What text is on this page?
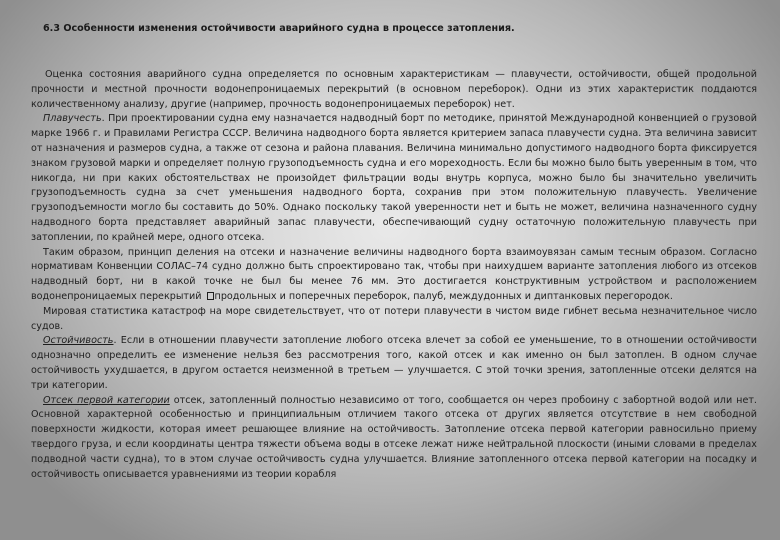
6.3 Особенности изменения остойчивости аварийного судна в процессе затопления.

Оценка состояния аварийного судна определяется по основным характеристикам — плавучести, остойчивости, общей продольной прочности и местной прочности водонепроницаемых перекрытий (в основном переборок). Одни из этих характеристик поддаются количественному анализу, другие (например, прочность водонепроницаемых переборок) нет.

Плавучесть. При проектировании судна ему назначается надводный борт по методике, принятой Международной конвенцией о грузовой марке 1966 г. и Правилами Регистра СССР. Величина надводного борта является критерием запаса плавучести судна. Эта величина зависит от назначения и размеров судна, а также от сезона и района плавания. Величина минимально допустимого надводного борта фиксируется знаком грузовой марки и определяет полную грузоподъемность судна и его мореходность. Если бы можно было быть уверенным в том, что никогда, ни при каких обстоятельствах не произойдет фильтрации воды внутрь корпуса, можно было бы значительно увеличить грузоподъемность судна за счет уменьшения надводного борта, сохранив при этом положительную плавучесть. Увеличение грузоподъемности могло бы составить до 50%. Однако поскольку такой уверенности нет и быть не может, величина назначенного судну надводного борта представляет аварийный запас плавучести, обеспечивающий судну остаточную положительную плавучесть при затоплении, по крайней мере, одного отсека.

Таким образом, принцип деления на отсеки и назначение величины надводного борта взаимоувязан самым тесным образом. Согласно нормативам Конвенции СОЛАС–74 судно должно быть спроектировано так, чтобы при наихудшем варианте затопления любого из отсеков надводный борт, ни в какой точке не был бы менее 76 мм. Это достигается конструктивным устройством и расположением водонепроницаемых перекрытий продольных и поперечных переборок, палуб, междудонных и диптанковых перегородок.

Мировая статистика катастроф на море свидетельствует, что от потери плавучести в чистом виде гибнет весьма незначительное число судов.

Остойчивость. Если в отношении плавучести затопление любого отсека влечет за собой ее уменьшение, то в отношении остойчивости однозначно определить ее изменение нельзя без рассмотрения того, какой отсек и как именно он был затоплен. В одном случае остойчивость ухудшается, в другом остается неизменной в третьем — улучшается. С этой точки зрения, затопленные отсеки делятся на три категории.

Отсек первой категории отсек, затопленный полностью независимо от того, сообщается он через пробоину с забортной водой или нет. Основной характерной особенностью и принципиальным отличием такого отсека от других является отсутствие в нем свободной поверхности жидкости, которая имеет решающее влияние на остойчивость. Затопление отсека первой категории равносильно приему твердого груза, и если координаты центра тяжести объема воды в отсеке лежат ниже нейтральной плоскости (иными словами в пределах подводной части судна), то в этом случае остойчивость судна улучшается. Влияние затопленного отсека первой категории на посадку и остойчивость описывается уравнениями из теории корабля
